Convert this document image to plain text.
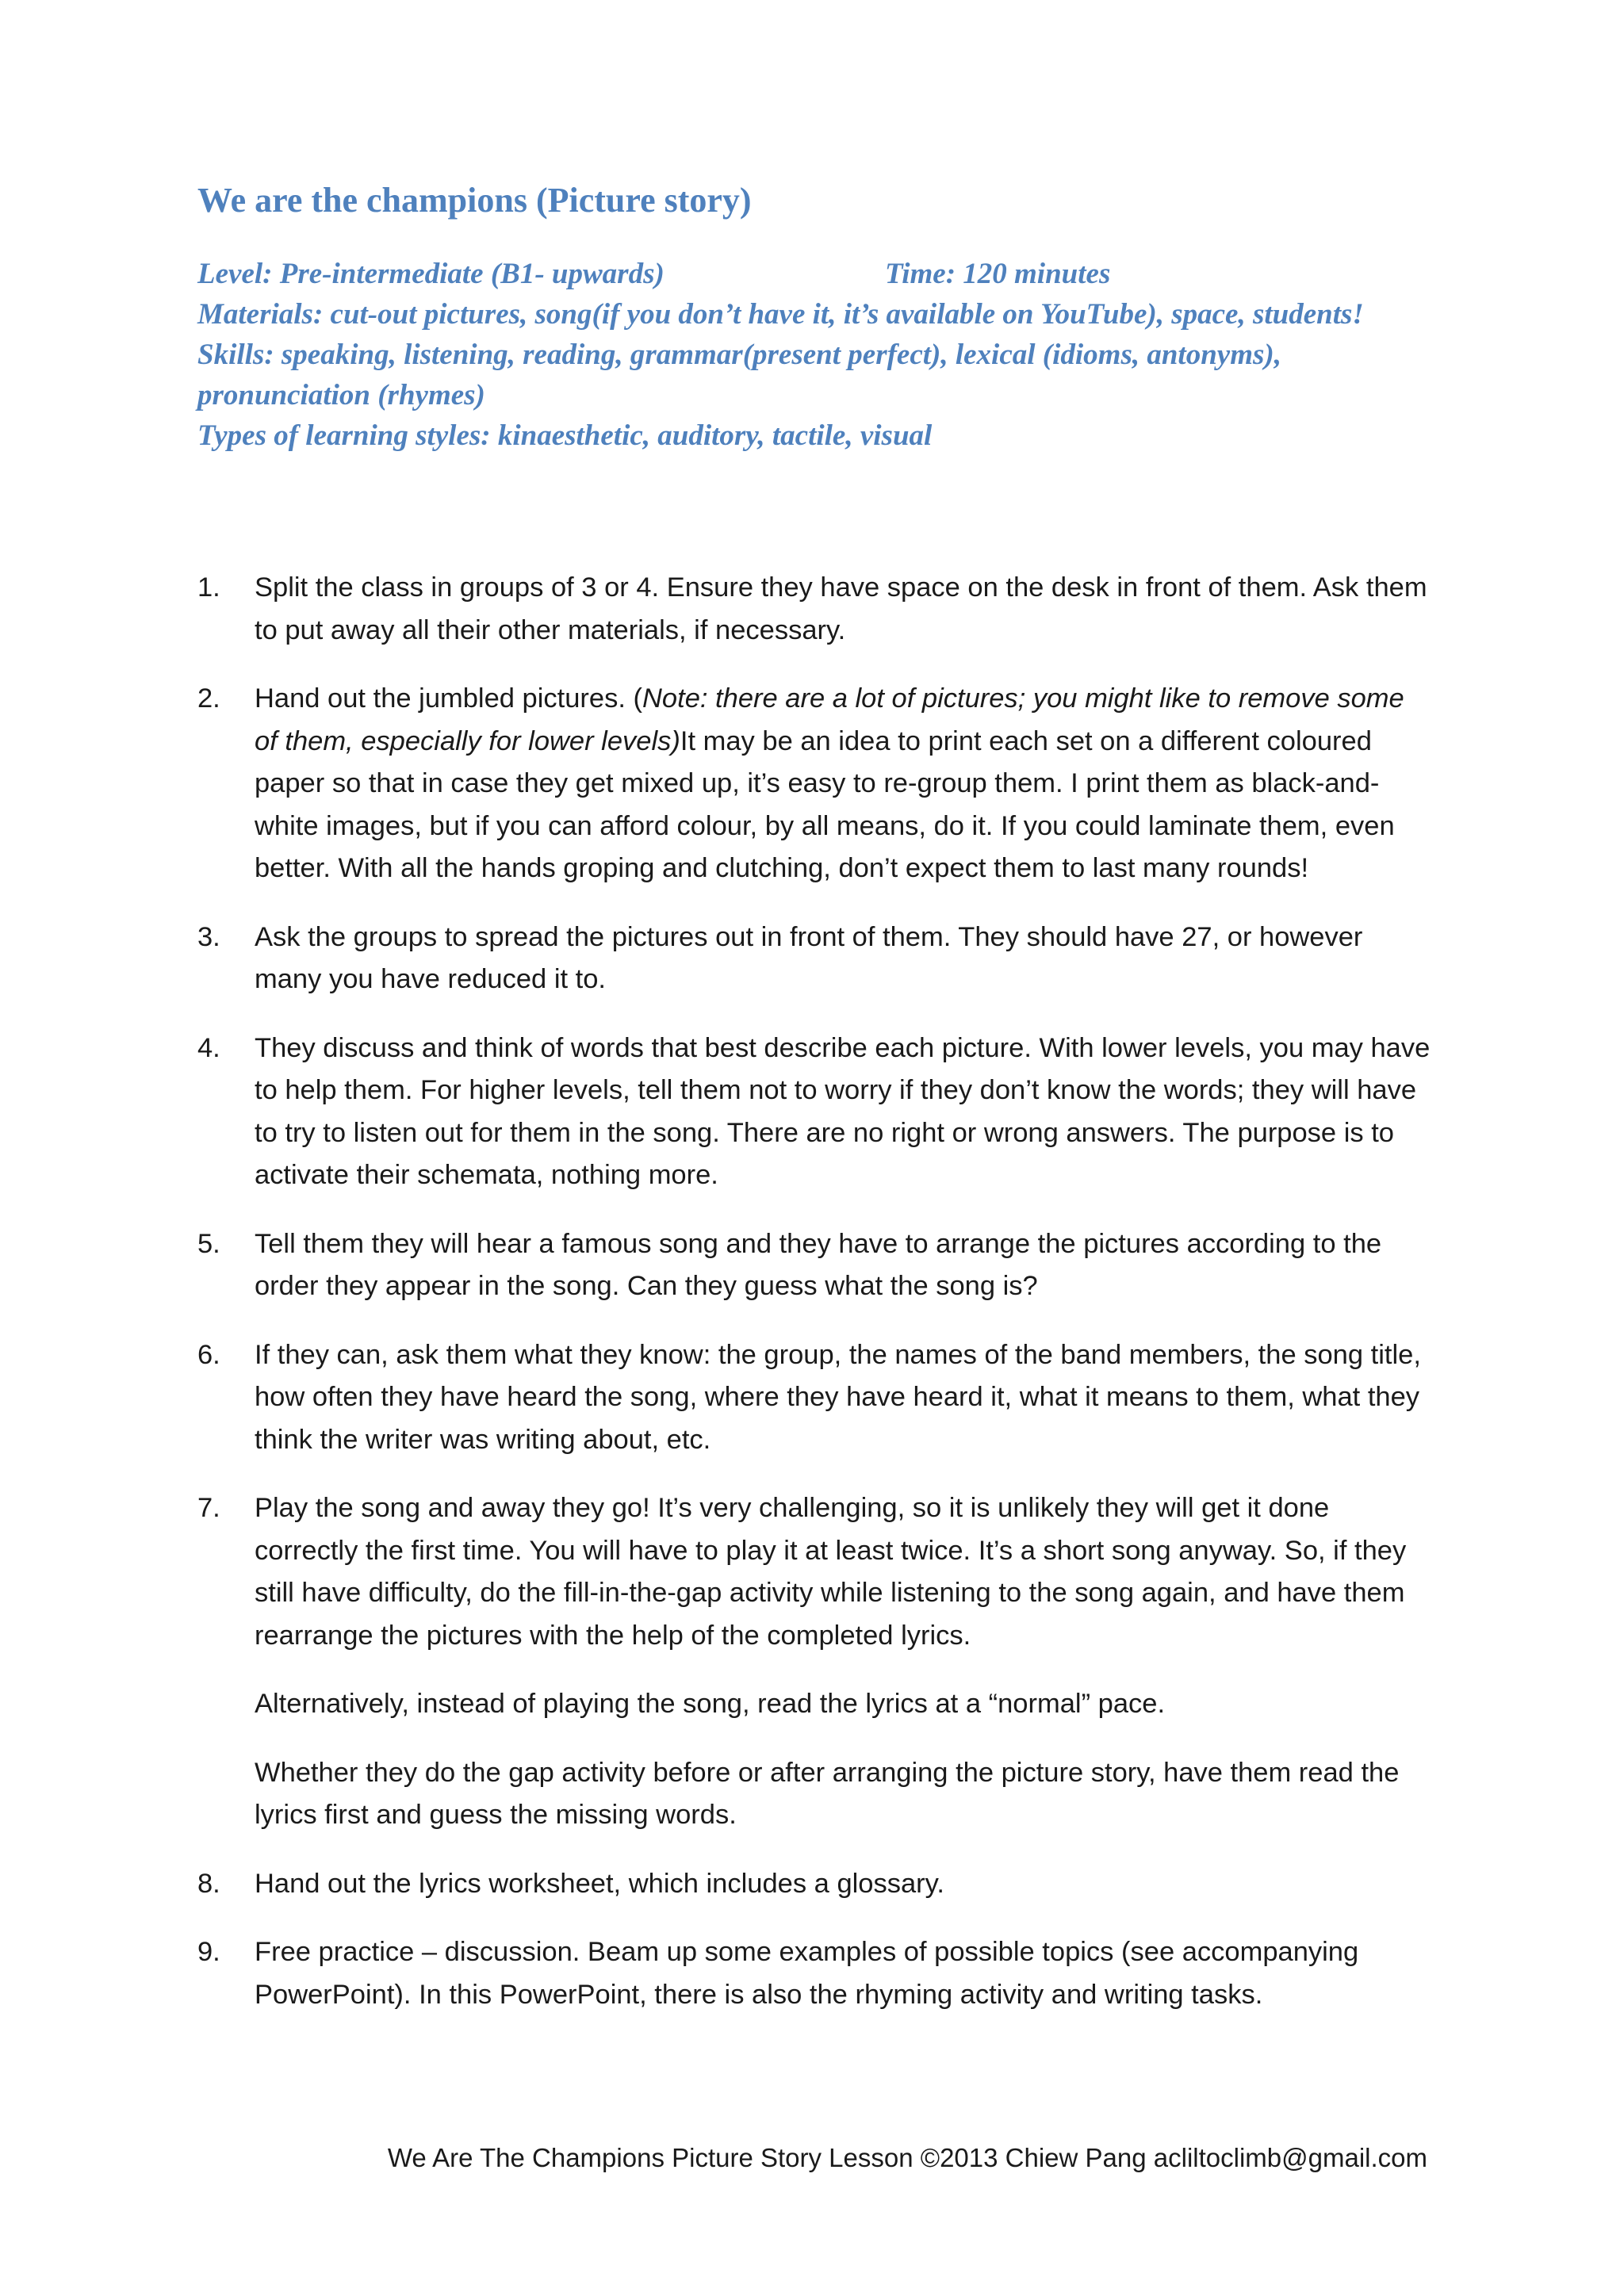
We are the champions (Picture story)
Level: Pre-intermediate (B1- upwards)	Time: 120 minutes
Materials: cut-out pictures, song(if you don’t have it, it’s available on YouTube), space, students!
Skills: speaking, listening, reading, grammar(present perfect), lexical (idioms, antonyms), pronunciation (rhymes)
Types of learning styles: kinaesthetic, auditory, tactile, visual
1. Split the class in groups of 3 or 4. Ensure they have space on the desk in front of them. Ask them to put away all their other materials, if necessary.
2. Hand out the jumbled pictures. (Note: there are a lot of pictures; you might like to remove some of them, especially for lower levels)It may be an idea to print each set on a different coloured paper so that in case they get mixed up, it’s easy to re-group them. I print them as black-and-white images, but if you can afford colour, by all means, do it. If you could laminate them, even better. With all the hands groping and clutching, don’t expect them to last many rounds!
3. Ask the groups to spread the pictures out in front of them. They should have 27, or however many you have reduced it to.
4. They discuss and think of words that best describe each picture. With lower levels, you may have to help them. For higher levels, tell them not to worry if they don’t know the words; they will have to try to listen out for them in the song. There are no right or wrong answers. The purpose is to activate their schemata, nothing more.
5. Tell them they will hear a famous song and they have to arrange the pictures according to the order they appear in the song. Can they guess what the song is?
6. If they can, ask them what they know: the group, the names of the band members, the song title, how often they have heard the song, where they have heard it, what it means to them, what they think the writer was writing about, etc.
7. Play the song and away they go! It’s very challenging, so it is unlikely they will get it done correctly the first time. You will have to play it at least twice. It’s a short song anyway. So, if they still have difficulty, do the fill-in-the-gap activity while listening to the song again, and have them rearrange the pictures with the help of the completed lyrics.
Alternatively, instead of playing the song, read the lyrics at a “normal” pace.
Whether they do the gap activity before or after arranging the picture story, have them read the lyrics first and guess the missing words.
8. Hand out the lyrics worksheet, which includes a glossary.
9. Free practice – discussion. Beam up some examples of possible topics (see accompanying PowerPoint). In this PowerPoint, there is also the rhyming activity and writing tasks.
We Are The Champions Picture Story Lesson ©2013 Chiew Pang acliltoclimb@gmail.com
